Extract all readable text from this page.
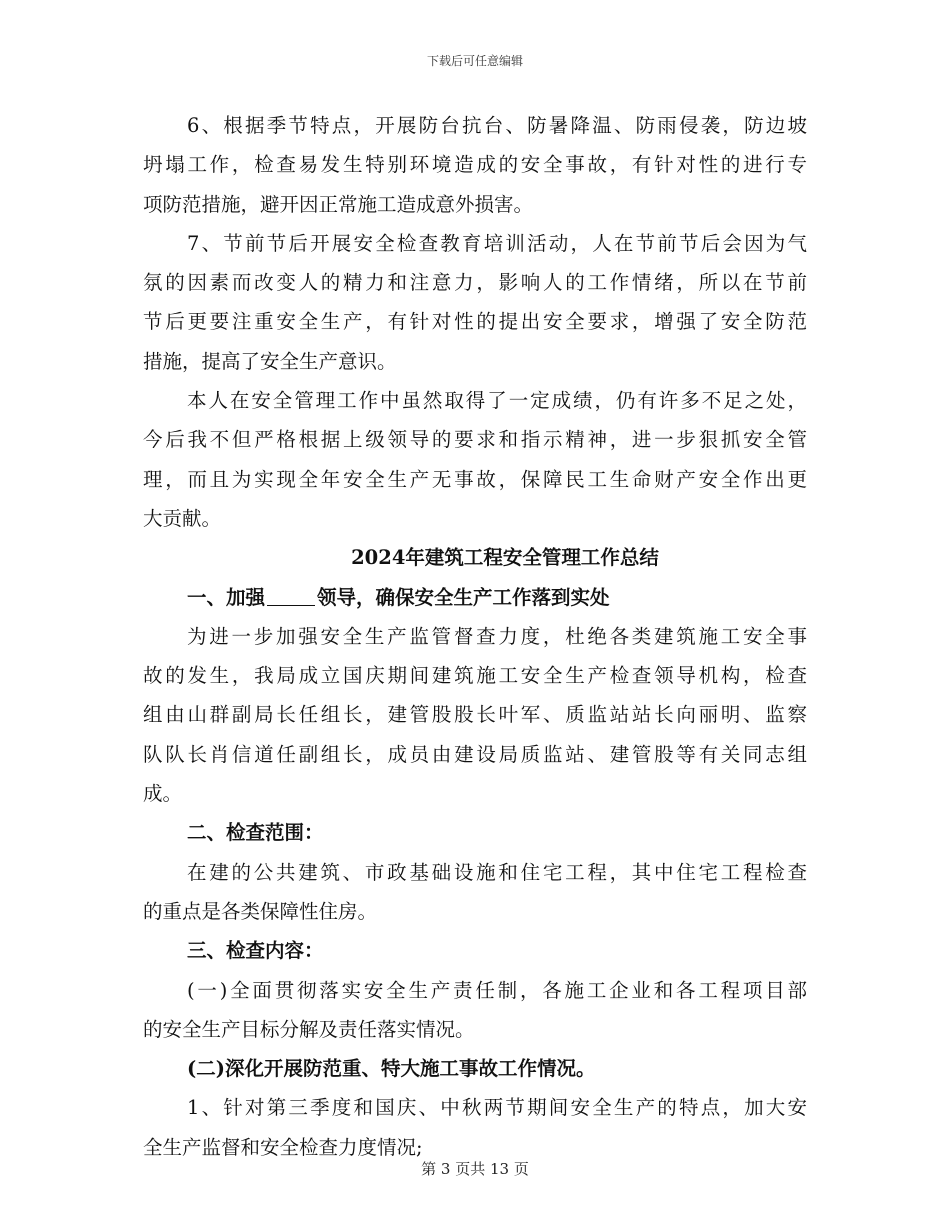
下载后可任意编辑
6、根据季节特点，开展防台抗台、防暑降温、防雨侵袭，防边坡
坍塌工作，检查易发生特别环境造成的安全事故，有针对性的进行专
项防范措施，避开因正常施工造成意外损害。
7、节前节后开展安全检查教育培训活动，人在节前节后会因为气
氛的因素而改变人的精力和注意力，影响人的工作情绪，所以在节前
节后更要注重安全生产，有针对性的提出安全要求，增强了安全防范
措施，提高了安全生产意识。
本人在安全管理工作中虽然取得了一定成绩，仍有许多不足之处，
今后我不但严格根据上级领导的要求和指示精神，进一步狠抓安全管
理，而且为实现全年安全生产无事故，保障民工生命财产安全作出更
大贡献。
2024年建筑工程安全管理工作总结
一、加强	领导，确保安全生产工作落到实处
为进一步加强安全生产监管督查力度，杜绝各类建筑施工安全事
故的发生，我局成立国庆期间建筑施工安全生产检查领导机构，检查
组由山群副局长任组长，建管股股长叶军、质监站站长向丽明、监察
队队长肖信道任副组长，成员由建设局质监站、建管股等有关同志组
成。
二、检查范围：
在建的公共建筑、市政基础设施和住宅工程，其中住宅工程检查
的重点是各类保障性住房。
三、检查内容：
(一)全面贯彻落实安全生产责任制，各施工企业和各工程项目部
的安全生产目标分解及责任落实情况。
(二)深化开展防范重、特大施工事故工作情况。
1、针对第三季度和国庆、中秋两节期间安全生产的特点，加大安
全生产监督和安全检查力度情况;
第 3 页共 13 页
